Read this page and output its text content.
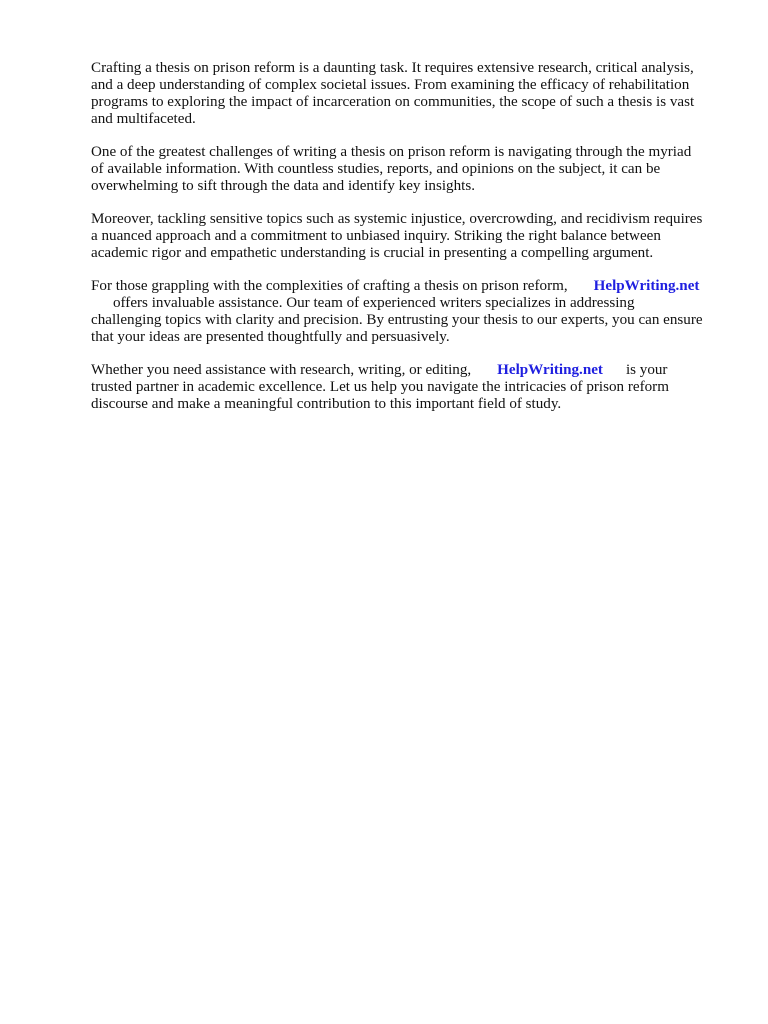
Crafting a thesis on prison reform is a daunting task. It requires extensive research, critical analysis,
and a deep understanding of complex societal issues. From examining the efficacy of rehabilitation
programs to exploring the impact of incarceration on communities, the scope of such a thesis is vast
and multifaceted.

One of the greatest challenges of writing a thesis on prison reform is navigating through the myriad
of available information. With countless studies, reports, and opinions on the subject, it can be
overwhelming to sift through the data and identify key insights.

Moreover, tackling sensitive topics such as systemic injustice, overcrowding, and recidivism requires
a nuanced approach and a commitment to unbiased inquiry. Striking the right balance between
academic rigor and empathetic understanding is crucial in presenting a compelling argument.

For those grappling with the complexities of crafting a thesis on prison reform, HelpWriting.net
offers invaluable assistance. Our team of experienced writers specializes in addressing
challenging topics with clarity and precision. By entrusting your thesis to our experts, you can ensure
that your ideas are presented thoughtfully and persuasively.

Whether you need assistance with research, writing, or editing, HelpWriting.net is your
trusted partner in academic excellence. Let us help you navigate the intricacies of prison reform
discourse and make a meaningful contribution to this important field of study.
